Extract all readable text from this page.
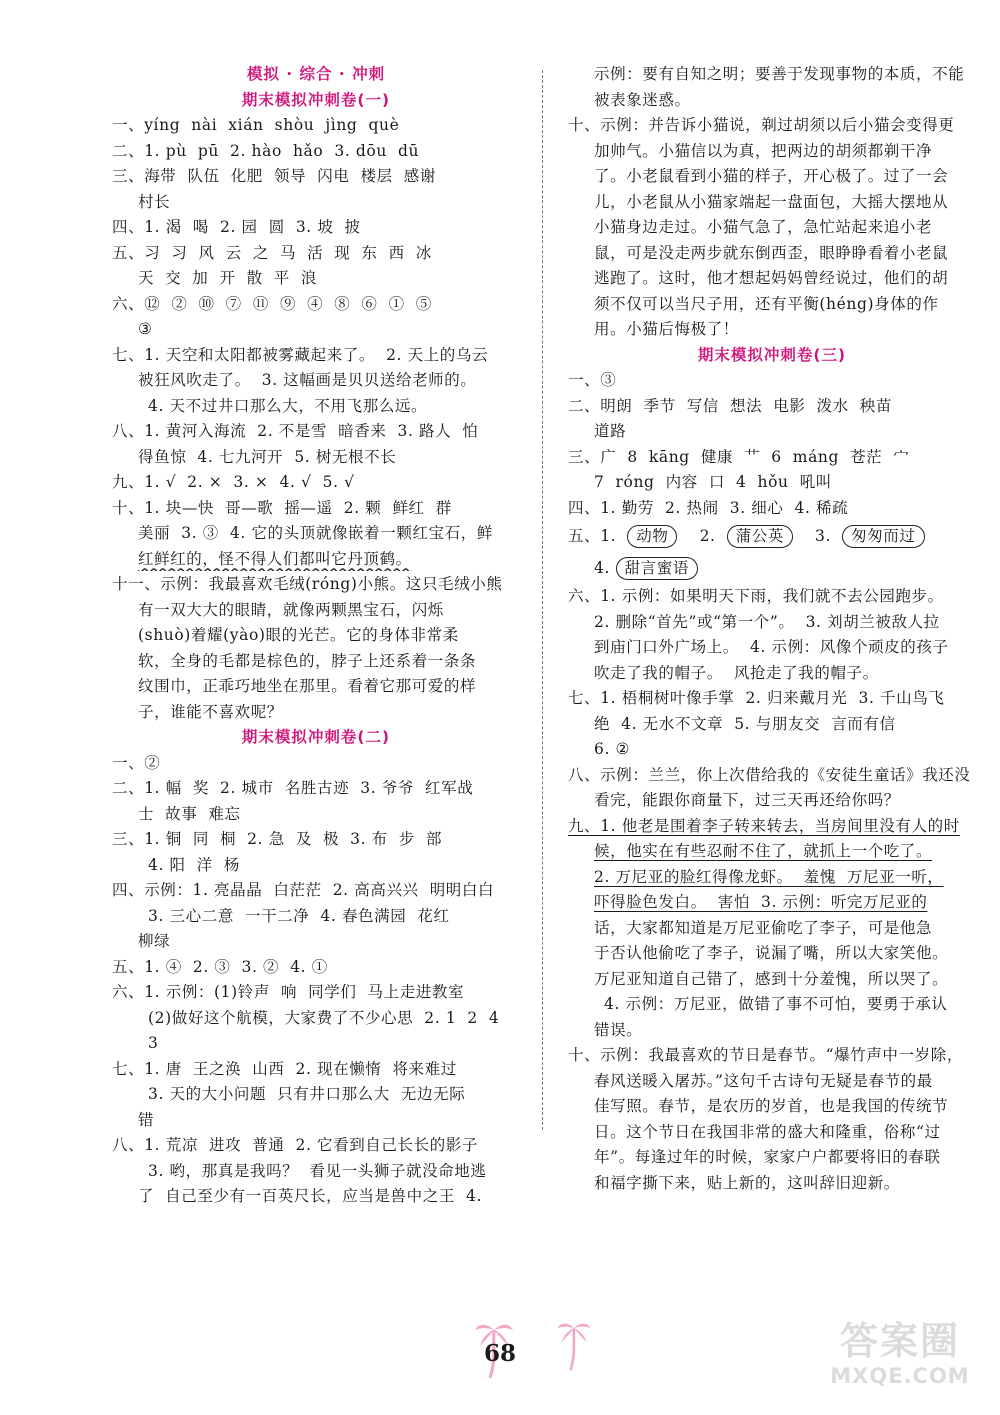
模拟 · 综合 · 冲刺
期末模拟冲刺卷(一)
一、yíng  nài  xián  shòu  jìng  què
二、1. pù  pū  2. hào  hǎo  3. dōu  dū
三、海带  队伍  化肥  领导  闪电  楼层  感谢
村长
四、1. 渴  喝  2. 园  圆  3. 坡  披
五、习  习  风  云  之  马  活  现  东  西  冰
天  交  加  开  散  平  浪
六、⑫  ②  ⑩  ⑦  ⑪  ⑨  ④  ⑧  ⑥  ①  ⑤
③
七、1. 天空和太阳都被雾藏起来了。  2. 天上的乌云
被狂风吹走了。  3. 这幅画是贝贝送给老师的。
4. 天不过井口那么大，不用飞那么远。
八、1. 黄河入海流  2. 不是雪  暗香来  3. 路人  怕
得鱼惊  4. 七九河开  5. 树无根不长
九、1. √  2. ×  3. ×  4. √  5. √
十、1. 块—快  哥—歌  摇—遥  2. 颗  鲜红  群
美丽  3. ③  4. 它的头顶就像嵌着一颗红宝石，鲜
红鲜红的，怪不得人们都叫它丹顶鹤。
十一、示例：我最喜欢毛绒(róng)小熊。这只毛绒小熊
有一双大大的眼睛，就像两颗黑宝石，闪烁
(shuò)着耀(yào)眼的光芒。它的身体非常柔
软，全身的毛都是棕色的，脖子上还系着一条条
纹围巾，正乖巧地坐在那里。看着它那可爱的样
子，谁能不喜欢呢？
期末模拟冲刺卷(二)
一、②
二、1. 幅  奖  2. 城市  名胜古迹  3. 爷爷  红军战
士  故事  难忘
三、1. 铜  同  桐  2. 急  及  极  3. 布  步  部
4. 阳  洋  杨
四、示例：1. 亮晶晶  白茫茫  2. 高高兴兴  明明白白
3. 三心二意  一干二净  4. 春色满园  花红
柳绿
五、1. ④  2. ③  3. ②  4. ①
六、1. 示例：(1)铃声  响  同学们  马上走进教室
(2)做好这个航模，大家费了不少心思  2. 1  2  4
3
七、1. 唐  王之涣  山西  2. 现在懒惰  将来难过
3. 天的大小问题  只有井口那么大  无边无际
错
八、1. 荒凉  进攻  普通  2. 它看到自己长长的影子
3. 哟，那真是我吗？  看见一头狮子就没命地逃
了  自己至少有一百英尺长，应当是兽中之王  4.
示例：要有自知之明；要善于发现事物的本质，不能
被表象迷惑。
十、示例：并告诉小猫说，剃过胡须以后小猫会变得更
加帅气。小猫信以为真，把两边的胡须都剃干净
了。小老鼠看到小猫的样子，开心极了。过了一会
儿，小老鼠从小猫家端起一盘面包，大摇大摆地从
小猫身边走过。小猫气急了，急忙站起来追小老
鼠，可是没走两步就东倒西歪，眼睁睁看着小老鼠
逃跑了。这时，他才想起妈妈曾经说过，他们的胡
须不仅可以当尺子用，还有平衡(héng)身体的作
用。小猫后悔极了！
期末模拟冲刺卷(三)
一、③
二、明朗  季节  写信  想法  电影  泼水  秧苗
道路
三、广  8  kāng  健康  艹  6  máng  苍茫  宀
7  róng  内容  口  4  hǒu  吼叫
四、1. 勤劳  2. 热闹  3. 细心  4. 稀疏
五、1. 动物    2.  蒲公英    3.  匆匆而过
4. 甜言蜜语
六、1. 示例：如果明天下雨，我们就不去公园跑步。
2. 删除“首先”或“第一个”。  3. 刘胡兰被敌人拉
到庙门口外广场上。  4. 示例：风像个顽皮的孩子
吹走了我的帽子。  风抢走了我的帽子。
七、1. 梧桐树叶像手掌  2. 归来戴月光  3. 千山鸟飞
绝  4. 无水不文章  5. 与朋友交  言而有信
6. ②
八、示例：兰兰，你上次借给我的《安徒生童话》我还没
看完，能跟你商量下，过三天再还给你吗？
九、1. 他老是围着李子转来转去，当房间里没有人的时
候，他实在有些忍耐不住了，就抓上一个吃了。
2. 万尼亚的脸红得像龙虾。  羞愧  万尼亚一听，
吓得脸色发白。  害怕  3. 示例：听完万尼亚的
话，大家都知道是万尼亚偷吃了李子，可是他急
于否认他偷吃了李子，说漏了嘴，所以大家笑他。
万尼亚知道自己错了，感到十分羞愧，所以哭了。
4. 示例：万尼亚，做错了事不可怕，要勇于承认
错误。
十、示例：我最喜欢的节日是春节。“爆竹声中一岁除，
春风送暖入屠苏。”这句千古诗句无疑是春节的最
佳写照。春节，是农历的岁首，也是我国的传统节
日。这个节日在我国非常的盛大和隆重，俗称“过
年”。每逢过年的时候，家家户户都要将旧的春联
和福字撕下来，贴上新的，这叫辞旧迎新。
68	答案圈
MXQE.COM
